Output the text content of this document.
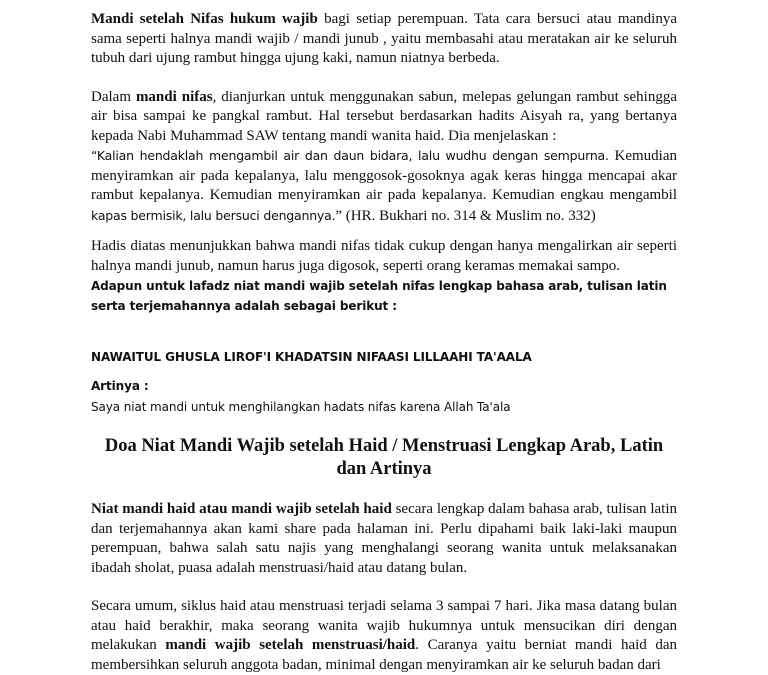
Mandi setelah Nifas hukum wajib bagi setiap perempuan. Tata cara bersuci atau mandinya sama seperti halnya mandi wajib / mandi junub , yaitu membasahi atau meratakan air ke seluruh tubuh dari ujung rambut hingga ujung kaki, namun niatnya berbeda.

Dalam mandi nifas, dianjurkan untuk menggunakan sabun, melepas gelungan rambut sehingga air bisa sampai ke pangkal rambut. Hal tersebut berdasarkan hadits Aisyah ra, yang bertanya kepada Nabi Muhammad SAW tentang mandi wanita haid. Dia menjelaskan :
“Kalian hendaklah mengambil air dan daun bidara, lalu wudhu dengan sempurna. Kemudian menyiramkan air pada kepalanya, lalu menggosok-gosoknya agak keras hingga mencapai akar rambut kepalanya. Kemudian menyiramkan air pada kepalanya. Kemudian engkau mengambil kapas bermisik, lalu bersuci dengannya.” (HR. Bukhari no. 314 & Muslim no. 332)

Hadis diatas menunjukkan bahwa mandi nifas tidak cukup dengan hanya mengalirkan air seperti halnya mandi junub, namun harus juga digosok, seperti orang keramas memakai sampo.

Adapun untuk lafadz niat mandi wajib setelah nifas lengkap bahasa arab, tulisan latin serta terjemahannya adalah sebagai berikut :

NAWAITUL GHUSLA LIROF'I KHADATSIN NIFAASI LILLAAHI TA'AALA

Artinya :

Saya niat mandi untuk menghilangkan hadats nifas karena Allah Ta'ala

Doa Niat Mandi Wajib setelah Haid / Menstruasi Lengkap Arab, Latin dan Artinya

Niat mandi haid atau mandi wajib setelah haid secara lengkap dalam bahasa arab, tulisan latin dan terjemahannya akan kami share pada halaman ini. Perlu dipahami baik laki-laki maupun perempuan, bahwa salah satu najis yang menghalangi seorang wanita untuk melaksanakan ibadah sholat, puasa adalah menstruasi/haid atau datang bulan.

Secara umum, siklus haid atau menstruasi terjadi selama 3 sampai 7 hari. Jika masa datang bulan atau haid berakhir, maka seorang wanita wajib hukumnya untuk mensucikan diri dengan melakukan mandi wajib setelah menstruasi/haid. Caranya yaitu berniat mandi haid dan membersihkan seluruh anggota badan, minimal dengan menyiramkan air ke seluruh badan dari
